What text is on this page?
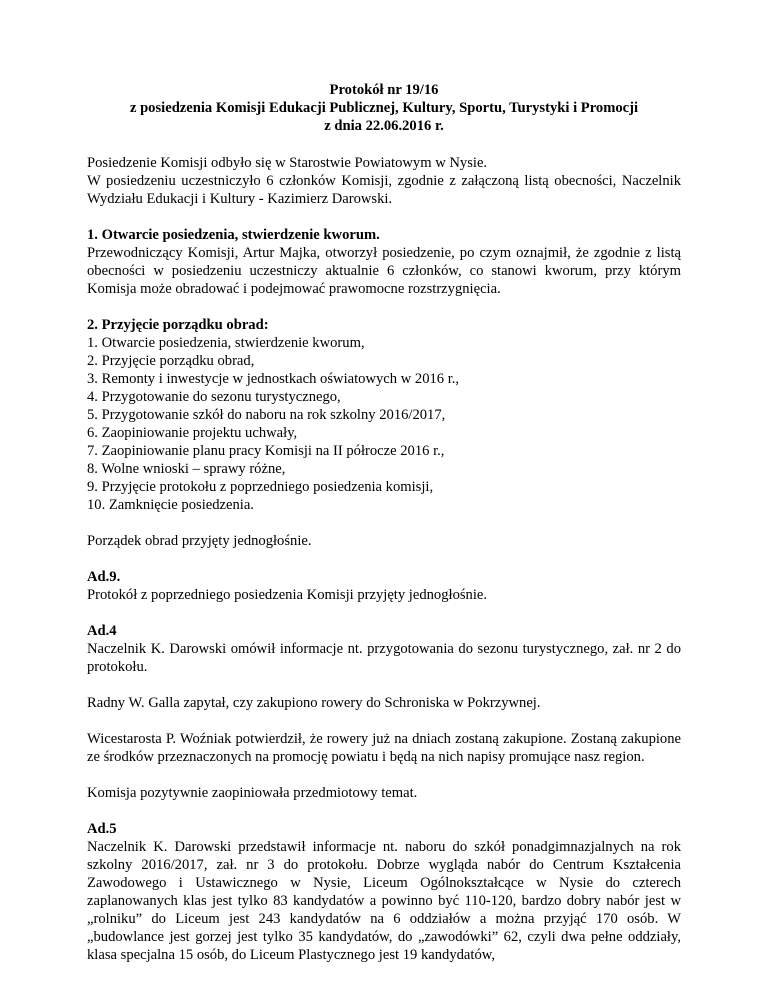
Protokół nr 19/16
z posiedzenia Komisji Edukacji Publicznej, Kultury, Sportu, Turystyki i Promocji
z dnia 22.06.2016 r.

Posiedzenie Komisji odbyło się w Starostwie Powiatowym w Nysie.

W posiedzeniu uczestniczyło 6 członków Komisji, zgodnie z załączoną listą obecności, Naczelnik Wydziału Edukacji i Kultury - Kazimierz Darowski.

1. Otwarcie posiedzenia, stwierdzenie kworum.

Przewodniczący Komisji, Artur Majka, otworzył posiedzenie, po czym oznajmił, że zgodnie z listą obecności w posiedzeniu uczestniczy aktualnie 6 członków, co stanowi kworum, przy którym Komisja może obradować i podejmować prawomocne rozstrzygnięcia.

2. Przyjęcie porządku obrad:

1. Otwarcie posiedzenia, stwierdzenie kworum,
2. Przyjęcie porządku obrad,
3. Remonty i inwestycje w jednostkach oświatowych w 2016 r.,
4. Przygotowanie do sezonu turystycznego,
5. Przygotowanie szkół do naboru na rok szkolny 2016/2017,
6. Zaopiniowanie projektu uchwały,
7. Zaopiniowanie planu pracy Komisji na II półrocze 2016 r.,
8. Wolne wnioski – sprawy różne,
9. Przyjęcie protokołu z poprzedniego posiedzenia komisji,
10. Zamknięcie posiedzenia.

Porządek obrad przyjęty jednogłośnie.

Ad.9.

Protokół z poprzedniego posiedzenia Komisji przyjęty jednogłośnie.

Ad.4

Naczelnik K. Darowski omówił informacje nt. przygotowania do sezonu turystycznego, zał. nr 2 do protokołu.

Radny W. Galla zapytał, czy zakupiono rowery do Schroniska w Pokrzywnej.

Wicestarosta P. Woźniak potwierdził, że rowery już na dniach zostaną zakupione. Zostaną zakupione ze środków przeznaczonych na promocję powiatu i będą na nich napisy promujące nasz region.

Komisja pozytywnie zaopiniowała przedmiotowy temat.

Ad.5

Naczelnik K. Darowski przedstawił informacje nt. naboru do szkół ponadgimnazjalnych na rok szkolny 2016/2017, zał. nr 3 do protokołu. Dobrze wygląda nabór do Centrum Kształcenia Zawodowego i Ustawicznego w Nysie, Liceum Ogólnokształcące w Nysie do czterech zaplanowanych klas jest tylko 83 kandydatów a powinno być 110-120, bardzo dobry nabór jest w „rolniku” do Liceum jest 243 kandydatów na 6 oddziałów a można przyjąć 170 osób. W „budowlance jest gorzej jest tylko 35 kandydatów, do „zawodówki” 62, czyli dwa pełne oddziały, klasa specjalna 15 osób, do Liceum Plastycznego jest 19 kandydatów,
